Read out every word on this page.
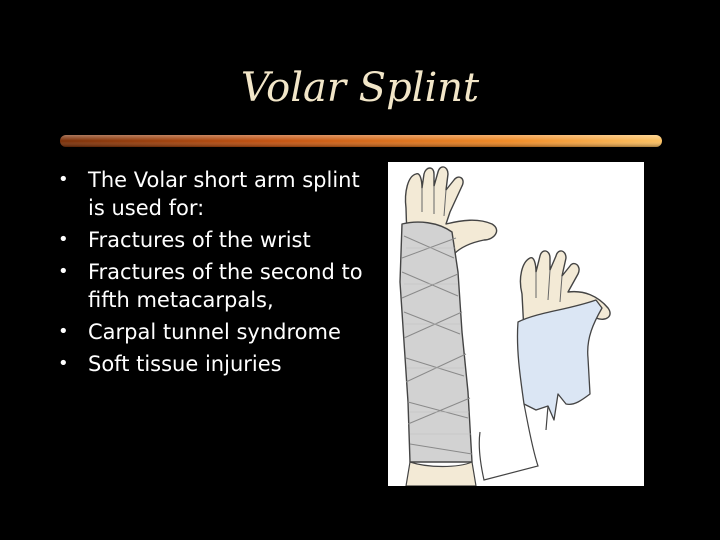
Volar Splint
• The Volar short arm splint is used for:
• Fractures of the wrist
• Fractures of the second to fifth metacarpals,
• Carpal tunnel syndrome
• Soft tissue injuries
